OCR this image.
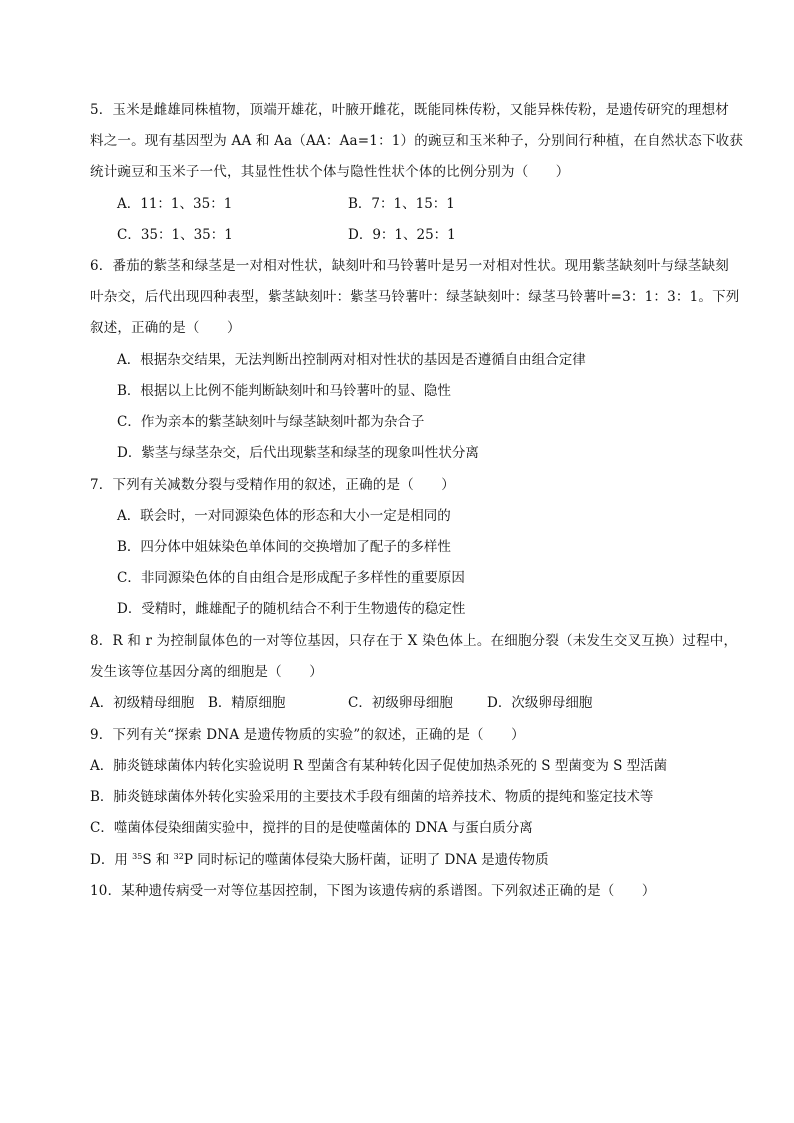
5．玉米是雌雄同株植物，顶端开雄花，叶腋开雌花，既能同株传粉，又能异株传粉，是遗传研究的理想材
料之一。现有基因型为 AA 和 Aa（AA：Aa=1：1）的豌豆和玉米种子，分别间行种植，在自然状态下收获
统计豌豆和玉米子一代，其显性性状个体与隐性性状个体的比例分别为（　　）
A．11：1、35：1	B．7：1、15：1
C．35：1、35：1	D．9：1、25：1
6．番茄的紫茎和绿茎是一对相对性状，缺刻叶和马铃薯叶是另一对相对性状。现用紫茎缺刻叶与绿茎缺刻
叶杂交，后代出现四种表型，紫茎缺刻叶：紫茎马铃薯叶：绿茎缺刻叶：绿茎马铃薯叶=3：1：3：1。下列
叙述，正确的是（　　）
A．根据杂交结果，无法判断出控制两对相对性状的基因是否遵循自由组合定律
B．根据以上比例不能判断缺刻叶和马铃薯叶的显、隐性
C．作为亲本的紫茎缺刻叶与绿茎缺刻叶都为杂合子
D．紫茎与绿茎杂交，后代出现紫茎和绿茎的现象叫性状分离
7．下列有关减数分裂与受精作用的叙述，正确的是（　　）
A．联会时，一对同源染色体的形态和大小一定是相同的
B．四分体中姐妹染色单体间的交换增加了配子的多样性
C．非同源染色体的自由组合是形成配子多样性的重要原因
D．受精时，雌雄配子的随机结合不利于生物遗传的稳定性
8．R 和 r 为控制鼠体色的一对等位基因，只存在于 X 染色体上。在细胞分裂（未发生交叉互换）过程中，
发生该等位基因分离的细胞是（　　）
A．初级精母细胞 B．精原细胞	C．初级卵母细胞	D．次级卵母细胞
9．下列有关“探索 DNA 是遗传物质的实验”的叙述，正确的是（　　）
A．肺炎链球菌体内转化实验说明 R 型菌含有某种转化因子促使加热杀死的 S 型菌变为 S 型活菌
B．肺炎链球菌体外转化实验采用的主要技术手段有细菌的培养技术、物质的提纯和鉴定技术等
C．噬菌体侵染细菌实验中，搅拌的目的是使噬菌体的 DNA 与蛋白质分离
D．用 $^{35}$S 和 $^{32}$P 同时标记的噬菌体侵染大肠杆菌，证明了 DNA 是遗传物质
10．某种遗传病受一对等位基因控制，下图为该遗传病的系谱图。下列叙述正确的是（　　）
